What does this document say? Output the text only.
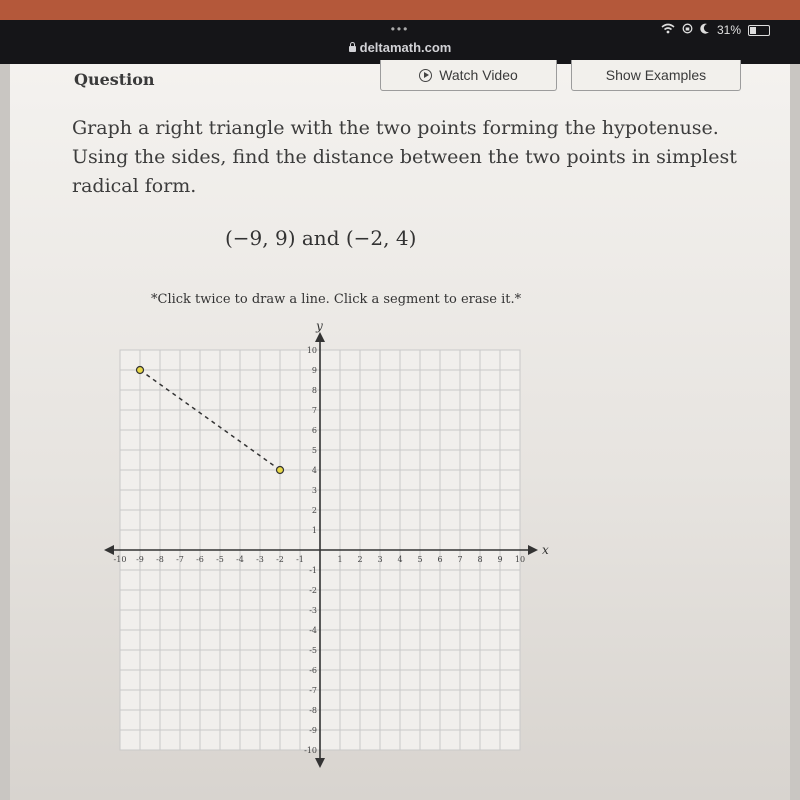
•••
deltamath.com
31%
Question	Watch Video	Show Examples
Graph a right triangle with the two points forming the hypotenuse. Using the sides, find the distance between the two points in simplest radical form.
(−9, 9) and (−2, 4)
*Click twice to draw a line. Click a segment to erase it.*
x
y
-10 -9 -8 -7 -6 -5 -4 -3 -2 -1	1 2 3 4 5 6 7 8 9 10
10
9
8
7
6
5
4
3
2
1
-1
-2
-3
-4
-5
-6
-7
-8
-9
-10
